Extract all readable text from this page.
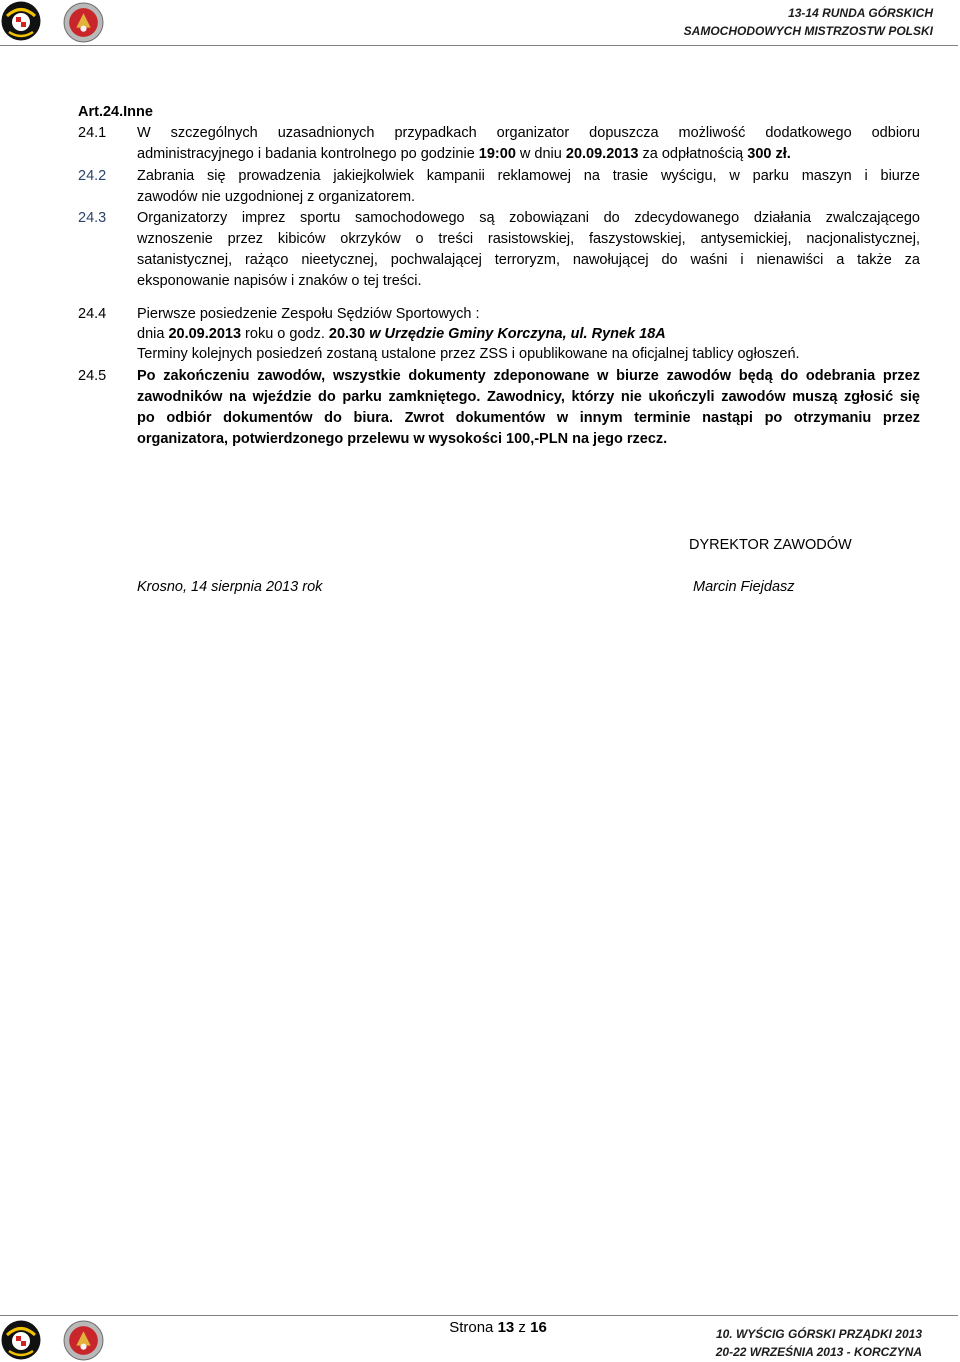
13-14 RUNDA GÓRSKICH
SAMOCHODOWYCH MISTRZOSTW POLSKI
Art.24.Inne
24.1 W szczególnych uzasadnionych przypadkach organizator dopuszcza możliwość dodatkowego odbioru
administracyjnego i badania kontrolnego po godzinie 19:00 w dniu 20.09.2013 za odpłatnością 300 zł.
24.2 Zabrania się prowadzenia jakiejkolwiek kampanii reklamowej na trasie wyścigu, w parku maszyn i biurze
zawodów nie uzgodnionej z organizatorem.
24.3 Organizatorzy imprez sportu samochodowego są zobowiązani do zdecydowanego działania zwalczającego
wznoszenie przez kibiców okrzyków o treści rasistowskiej, faszystowskiej, antysemickiej, nacjonalistycznej,
satanistycznej, rażąco nieetycznej, pochwalającej terroryzm, nawołującej do waśni i nienawiści a także za
eksponowanie napisów i znaków o tej treści.
24.4 Pierwsze posiedzenie Zespołu Sędziów Sportowych :
dnia 20.09.2013 roku o godz. 20.30 w Urzędzie Gminy Korczyna, ul. Rynek 18A
Terminy kolejnych posiedzeń zostaną ustalone przez ZSS i opublikowane na oficjalnej tablicy ogłoszeń.
24.5 Po zakończeniu zawodów, wszystkie dokumenty zdeponowane w biurze zawodów będą do odebrania przez
zawodników na wjeździe do parku zamkniętego. Zawodnicy, którzy nie ukończyli zawodów muszą zgłosić się
po odbiór dokumentów do biura. Zwrot dokumentów w innym terminie nastąpi po otrzymaniu przez
organizatora, potwierdzonego przelewu w wysokości 100,-PLN na jego rzecz.
DYREKTOR ZAWODÓW
Krosno, 14 sierpnia 2013 rok	Marcin Fiejdasz
Strona 13 z 16	10. WYŚCIG GÓRSKI PRZĄDKI 2013
20-22 WRZEŚNIA 2013 - KORCZYNA
